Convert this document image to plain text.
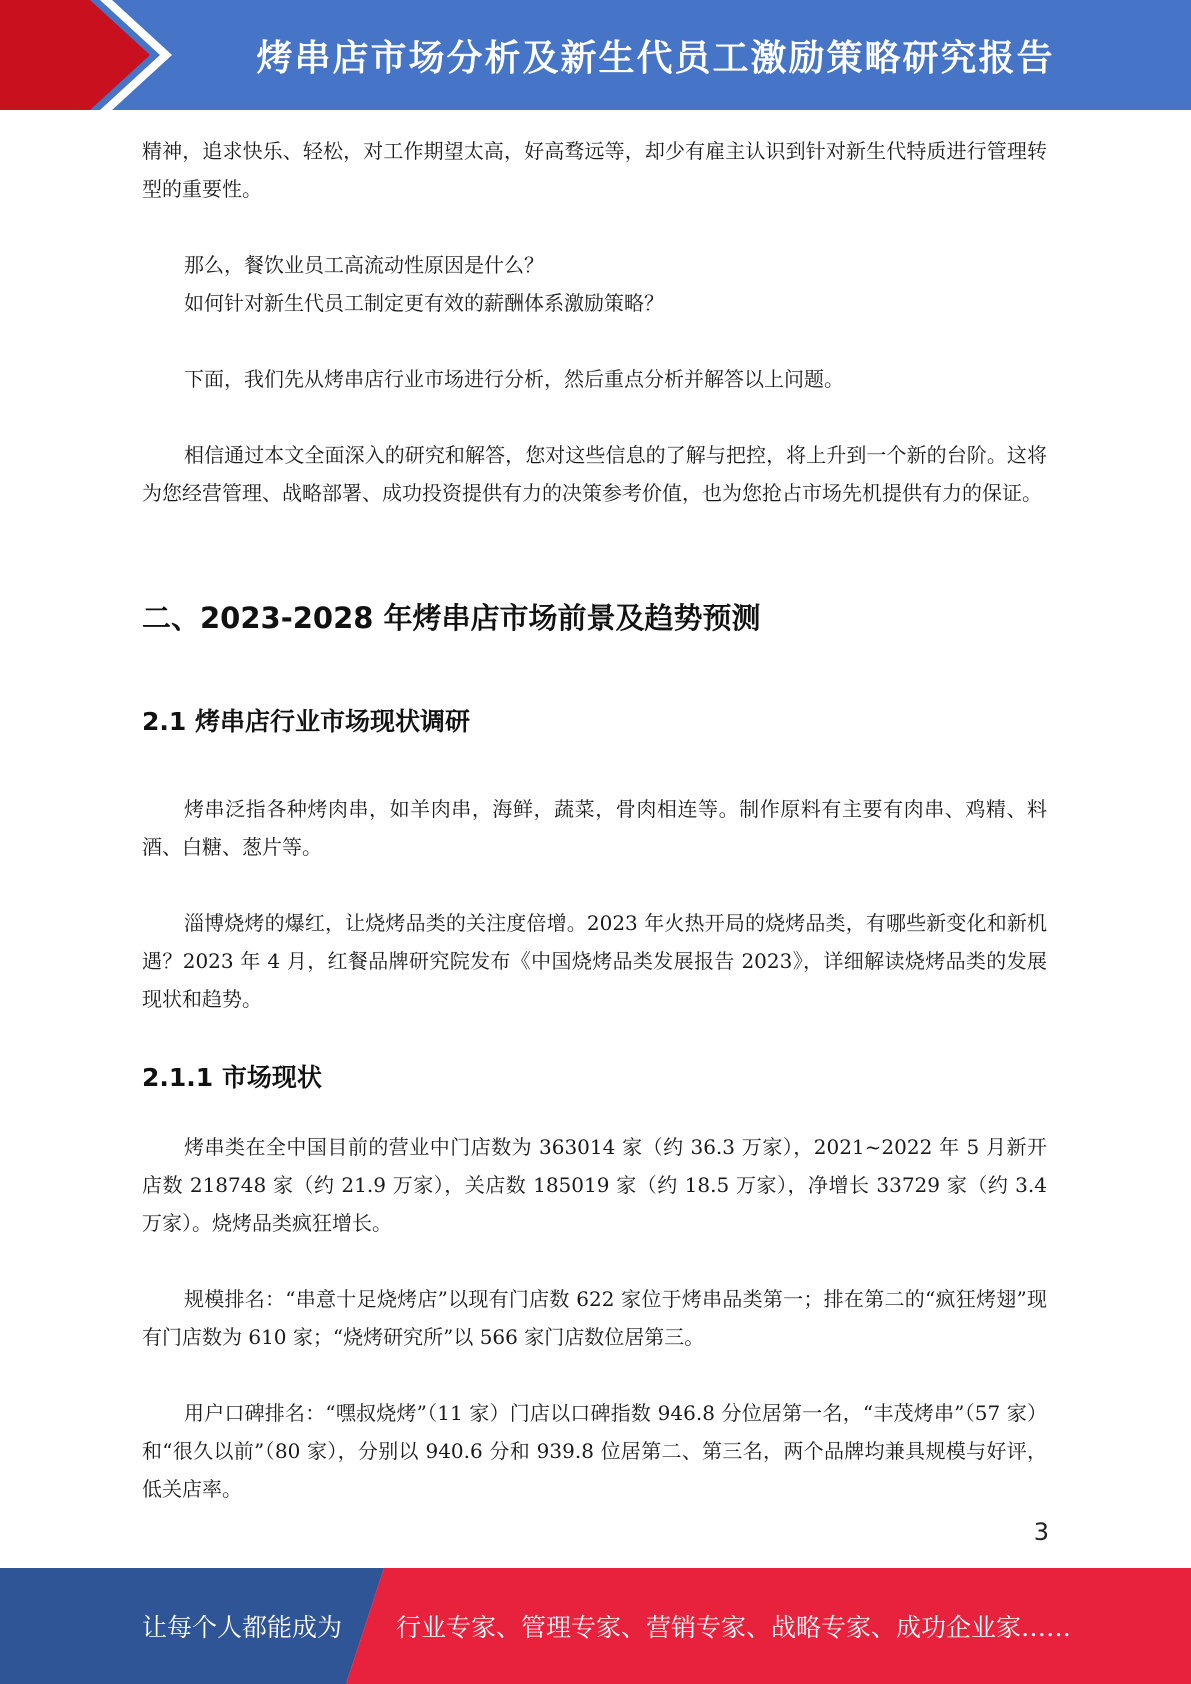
烤串店市场分析及新生代员工激励策略研究报告

精神，追求快乐、轻松，对工作期望太高，好高骛远等，却少有雇主认识到针对新生代特质进行管理转型的重要性。

那么，餐饮业员工高流动性原因是什么？

如何针对新生代员工制定更有效的薪酬体系激励策略？

下面，我们先从烤串店行业市场进行分析，然后重点分析并解答以上问题。

相信通过本文全面深入的研究和解答，您对这些信息的了解与把控，将上升到一个新的台阶。这将为您经营管理、战略部署、成功投资提供有力的决策参考价值，也为您抢占市场先机提供有力的保证。

二、2023-2028 年烤串店市场前景及趋势预测
2.1 烤串店行业市场现状调研

烤串泛指各种烤肉串，如羊肉串，海鲜，蔬菜，骨肉相连等。制作原料有主要有肉串、鸡精、料酒、白糖、葱片等。

淄博烧烤的爆红，让烧烤品类的关注度倍增。2023 年火热开局的烧烤品类，有哪些新变化和新机遇？2023 年 4 月，红餐品牌研究院发布《中国烧烤品类发展报告 2023》，详细解读烧烤品类的发展现状和趋势。

2.1.1 市场现状

烤串类在全中国目前的营业中门店数为 363014 家（约 36.3 万家），2021~2022 年 5 月新开店数 218748 家（约 21.9 万家），关店数 185019 家（约 18.5 万家），净增长 33729 家（约 3.4 万家）。烧烤品类疯狂增长。

规模排名：“串意十足烧烤店”以现有门店数 622 家位于烤串品类第一；排在第二的“疯狂烤翅”现有门店数为 610 家；“烧烤研究所”以 566 家门店数位居第三。

用户口碑排名：“嘿叔烧烤”（11 家）门店以口碑指数 946.8 分位居第一名，“丰茂烤串”（57 家）和“很久以前”（80 家），分别以 940.6 分和 939.8 位居第二、第三名，两个品牌均兼具规模与好评，低关店率。

3
让每个人都能成为 行业专家、管理专家、营销专家、战略专家、成功企业家……
